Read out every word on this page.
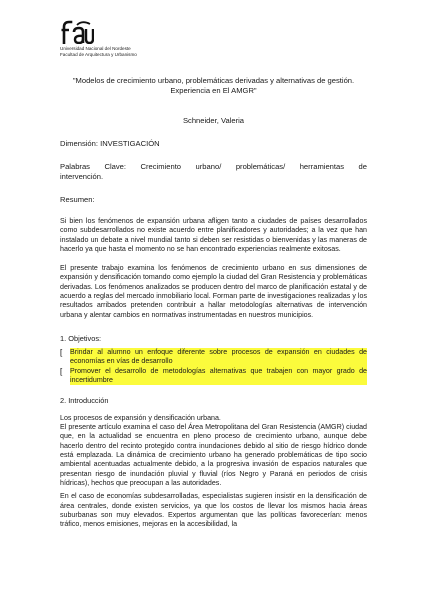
Universidad Nacional del Nordeste
Facultad de Arquitectura y Urbanismo
"Modelos de crecimiento urbano, problemáticas derivadas y alternativas de gestión. Experiencia en El AMGR"
Schneider, Valeria
Dimensión: INVESTIGACIÓN
Palabras Clave: Crecimiento urbano/ problemáticas/ herramientas de
intervención.
Resumen:

Si bien los fenómenos de expansión urbana afligen tanto a ciudades de países desarrollados como subdesarrollados no existe acuerdo entre planificadores y autoridades; a la vez que han instalado un debate a nivel mundial tanto si deben ser resistidas o bienvenidas y las maneras de hacerlo ya que hasta el momento no se han encontrado experiencias realmente exitosas.

El presente trabajo examina los fenómenos de crecimiento urbano en sus dimensiones de expansión y densificación tomando como ejemplo la ciudad del Gran Resistencia y problemáticas derivadas. Los fenómenos analizados se producen dentro del marco de planificación estatal y de acuerdo a reglas del mercado inmobiliario local. Forman parte de investigaciones realizadas y los resultados arribados pretenden contribuir a hallar metodologías alternativas de intervención urbana y alentar cambios en normativas instrumentadas en nuestros municipios.

1. Objetivos:
[	Brindar al alumno un enfoque diferente sobre procesos de expansión en ciudades de economías en vías de desarrollo
[	Promover el desarrollo de metodologías alternativas que trabajen con mayor grado de incertidumbre
2. Introducción
Los procesos de expansión y densificación urbana.

El presente artículo examina el caso del Área Metropolitana del Gran Resistencia (AMGR) ciudad que, en la actualidad se encuentra en pleno proceso de crecimiento urbano, aunque debe hacerlo dentro del recinto protegido contra inundaciones debido al sitio de riesgo hídrico donde está emplazada. La dinámica de crecimiento urbano ha generado problemáticas de tipo socio ambiental acentuadas actualmente debido, a la progresiva invasión de espacios naturales que presentan riesgo de inundación pluvial y fluvial (ríos Negro y Paraná en periodos de crisis hídricas), hechos que preocupan a las autoridades.

En el caso de economías subdesarrolladas, especialistas sugieren insistir en la densificación de área centrales, donde existen servicios, ya que los costos de llevar los mismos hacia áreas suburbanas son muy elevados. Expertos argumentan que las políticas favorecerían: menos tráfico, menos emisiones, mejoras en la accesibilidad, la
